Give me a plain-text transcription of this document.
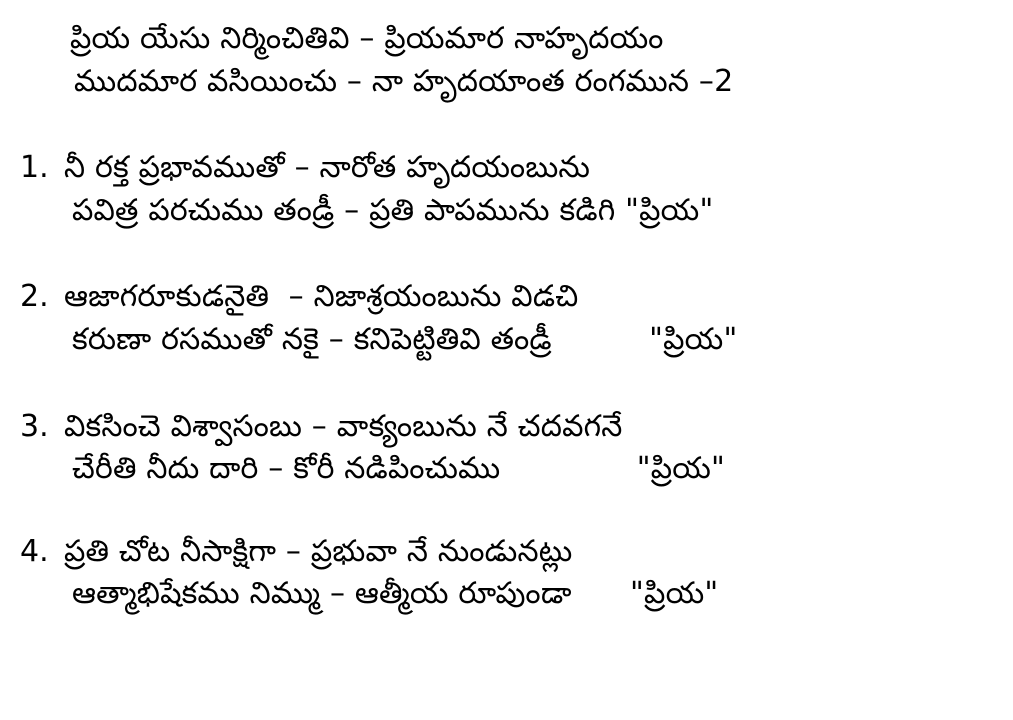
ప్రియ యేసు నిర్మించితివి – ప్రియమార నాహృదయం
ముదమార వసియించు – నా హృదయాంత రంగమున –2
1. నీ రక్త ప్రభావముతో – నారోత హృదయంబును
పవిత్ర పరచుము తండ్రీ – ప్రతి పాపమును కడిగి "ప్రియ"
2. ఆజాగరూకుడనైతి  – నిజాశ్రయంబును విడచి
కరుణా రసముతో నకై – కనిపెట్టితివి తండ్రీ          "ప్రియ"
3. వికసించె విశ్వాసంబు – వాక్యంబును నే చదవగనే
చేరీతి నీదు దారి – కోరీ నడిపించుము              "ప్రియ"
4. ప్రతి చోట నీసాక్షిగా – ప్రభువా నే నుండునట్లు
ఆత్మాభిషేకము నిమ్ము – ఆత్మీయ రూపుండా      "ప్రియ"
